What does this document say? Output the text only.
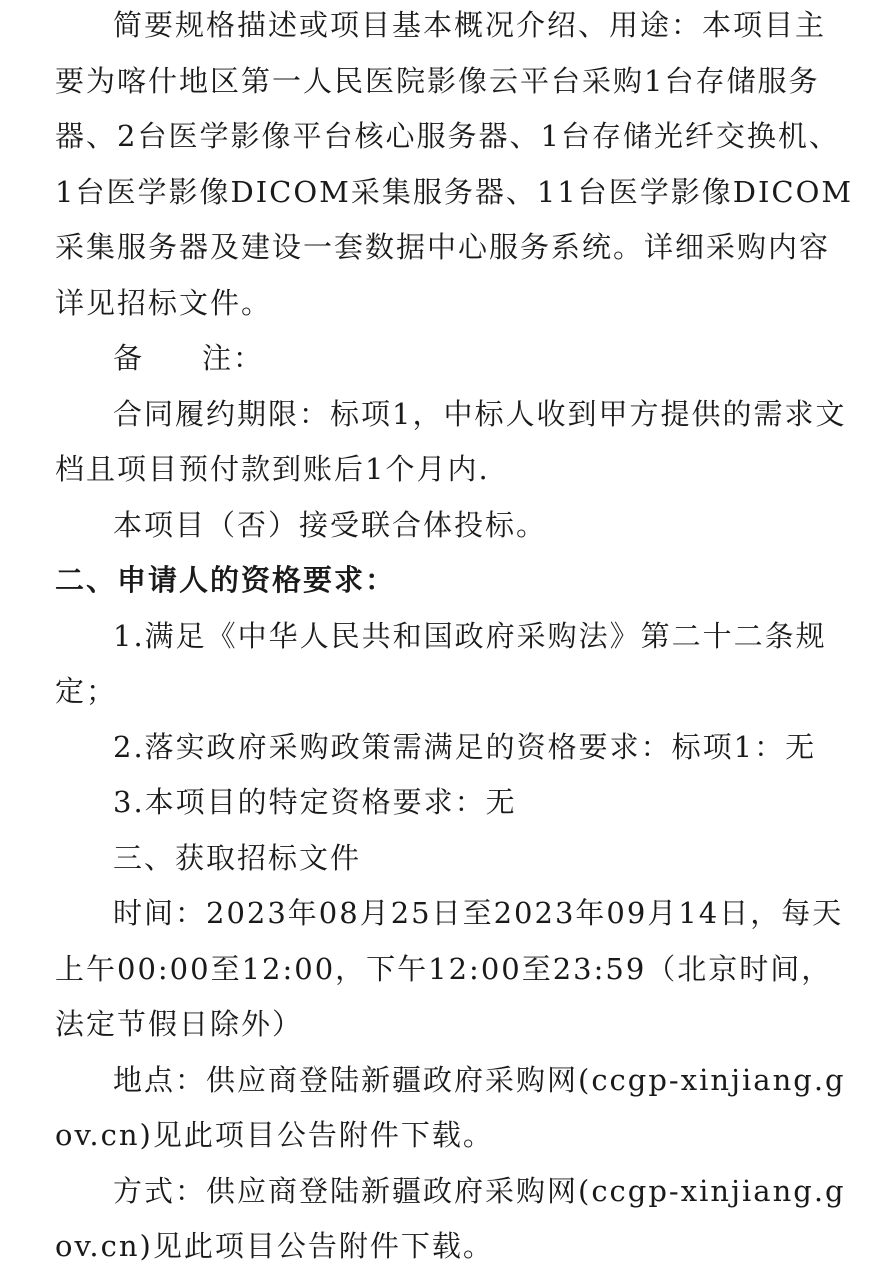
简要规格描述或项目基本概况介绍、用途：本项目主要为喀什地区第一人民医院影像云平台采购1台存储服务器、2台医学影像平台核心服务器、1台存储光纤交换机、1台医学影像DICOM采集服务器、11台医学影像DICOM采集服务器及建设一套数据中心服务系统。详细采购内容详见招标文件。

备 注：

合同履约期限：标项1，中标人收到甲方提供的需求文档且项目预付款到账后1个月内.

本项目（否）接受联合体投标。

二、申请人的资格要求：

1.满足《中华人民共和国政府采购法》第二十二条规定；

2.落实政府采购政策需满足的资格要求：标项1：无

3.本项目的特定资格要求：无

三、获取招标文件

时间：2023年08月25日至2023年09月14日，每天上午00:00至12:00，下午12:00至23:59（北京时间，法定节假日除外）

地点：供应商登陆新疆政府采购网(ccgp-xinjiang.gov.cn)见此项目公告附件下载。

方式：供应商登陆新疆政府采购网(ccgp-xinjiang.gov.cn)见此项目公告附件下载。
